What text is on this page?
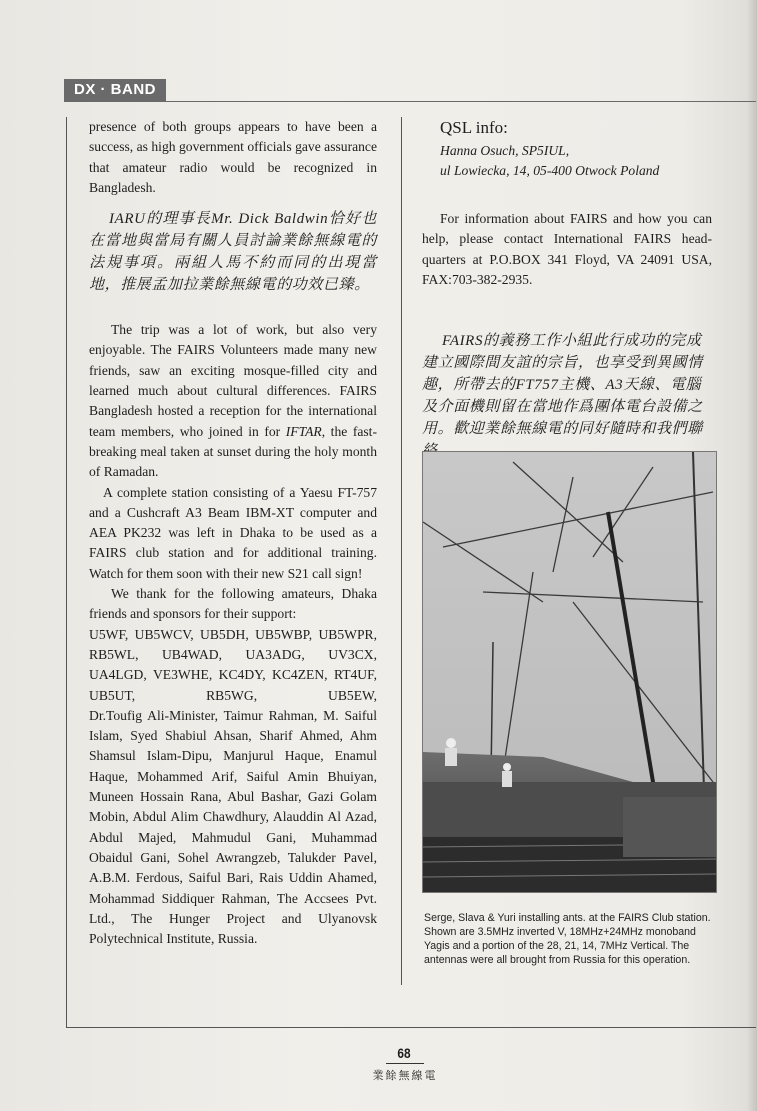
DX · BAND

presence of both groups appears to have been a success, as high government officials gave assurance that amateur radio would be recognized in Bangladesh.

IARU的理事長Mr. Dick Baldwin恰好也在當地與當局有關人員討論業餘無線電的法規事項。兩組人馬不約而同的出現當地，推展孟加拉業餘無線電的功效已臻。

The trip was a lot of work, but also very enjoyable. The FAIRS Volunteers made many new friends, saw an exciting mosque-filled city and learned much about cultural differences. FAIRS Bangladesh hosted a reception for the international team members, who joined in for IFTAR, the fast-breaking meal taken at sunset during the holy month of Ramadan.

A complete station consisting of a Yaesu FT-757 and a Cushcraft A3 Beam IBM-XT computer and AEA PK232 was left in Dhaka to be used as a FAIRS club station and for additional training. Watch for them soon with their new S21 call sign!

We thank for the following amateurs, Dhaka friends and sponsors for their support:

U5WF, UB5WCV, UB5DH, UB5WBP, UB5WPR, RB5WL, UB4WAD, UA3ADG, UV3CX, UA4LGD, VE3WHE, KC4DY, KC4ZEN, RT4UF, UB5UT, RB5WG, UB5EW,

Dr.Toufig Ali-Minister, Taimur Rahman, M. Saiful Islam, Syed Shabiul Ahsan, Sharif Ahmed, Ahm Shamsul Islam-Dipu, Manjurul Haque, Enamul Haque, Mohammed Arif, Saiful Amin Bhuiyan, Muneen Hossain Rana, Abul Bashar, Gazi Golam Mobin, Abdul Alim Chawdhury, Alauddin Al Azad, Abdul Majed, Mahmudul Gani, Muhammad Obaidul Gani, Sohel Awrangzeb, Talukder Pavel, A.B.M. Ferdous, Saiful Bari, Rais Uddin Ahamed, Mohammad Siddiquer Rahman, The Accsees Pvt. Ltd., The Hunger Project and Ulyanovsk Polytechnical Institute, Russia.

QSL info:
Hanna Osuch, SP5IUL,
ul Lowiecka, 14, 05-400 Otwock Poland

For information about FAIRS and how you can help, please contact International FAIRS head-quarters at P.O.BOX 341 Floyd, VA 24091 USA, FAX:703-382-2935.

FAIRS的義務工作小組此行成功的完成建立國際間友誼的宗旨，也享受到異國情趣，所帶去的FT757主機、A3天線、電腦及介面機則留在當地作爲團体電台設備之用。歡迎業餘無線電的同好隨時和我們聯

Serge, Slava & Yuri installing ants. at the FAIRS Club station. Shown are 3.5MHz inverted V, 18MHz+24MHz monoband Yagis and a portion of the 28, 21, 14, 7MHz Vertical. The antennas were all brought from Russia for this operation.
68
業餘無線電
